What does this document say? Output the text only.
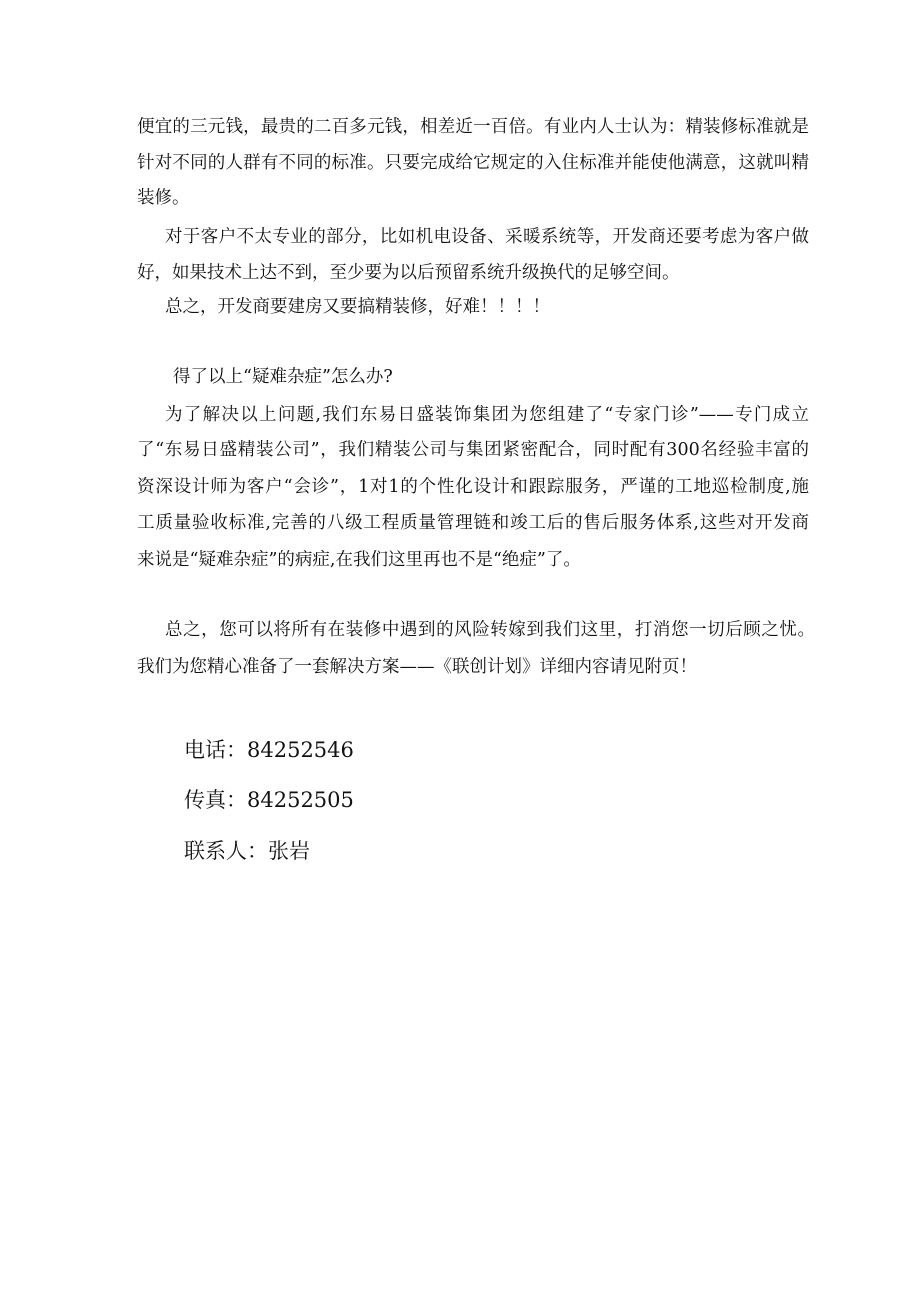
便宜的三元钱，最贵的二百多元钱，相差近一百倍。有业内人士认为：精装修标准就是
针对不同的人群有不同的标准。只要完成给它规定的入住标准并能使他满意，这就叫精
装修。
对于客户不太专业的部分，比如机电设备、采暖系统等，开发商还要考虑为客户做
好，如果技术上达不到，至少要为以后预留系统升级换代的足够空间。
总之，开发商要建房又要搞精装修，好难！！！！
得了以上“疑难杂症”怎么办?
为了解决以上问题,我们东易日盛装饰集团为您组建了“专家门诊”——专门成立
了“东易日盛精装公司”，我们精装公司与集团紧密配合，同时配有300名经验丰富的
资深设计师为客户“会诊”，1对1的个性化设计和跟踪服务，严谨的工地巡检制度,施
工质量验收标准,完善的八级工程质量管理链和竣工后的售后服务体系,这些对开发商
来说是“疑难杂症”的病症,在我们这里再也不是“绝症”了。
总之，您可以将所有在装修中遇到的风险转嫁到我们这里，打消您一切后顾之忧。
我们为您精心准备了一套解决方案——《联创计划》详细内容请见附页！
电话：84252546
传真：84252505
联系人：张岩
